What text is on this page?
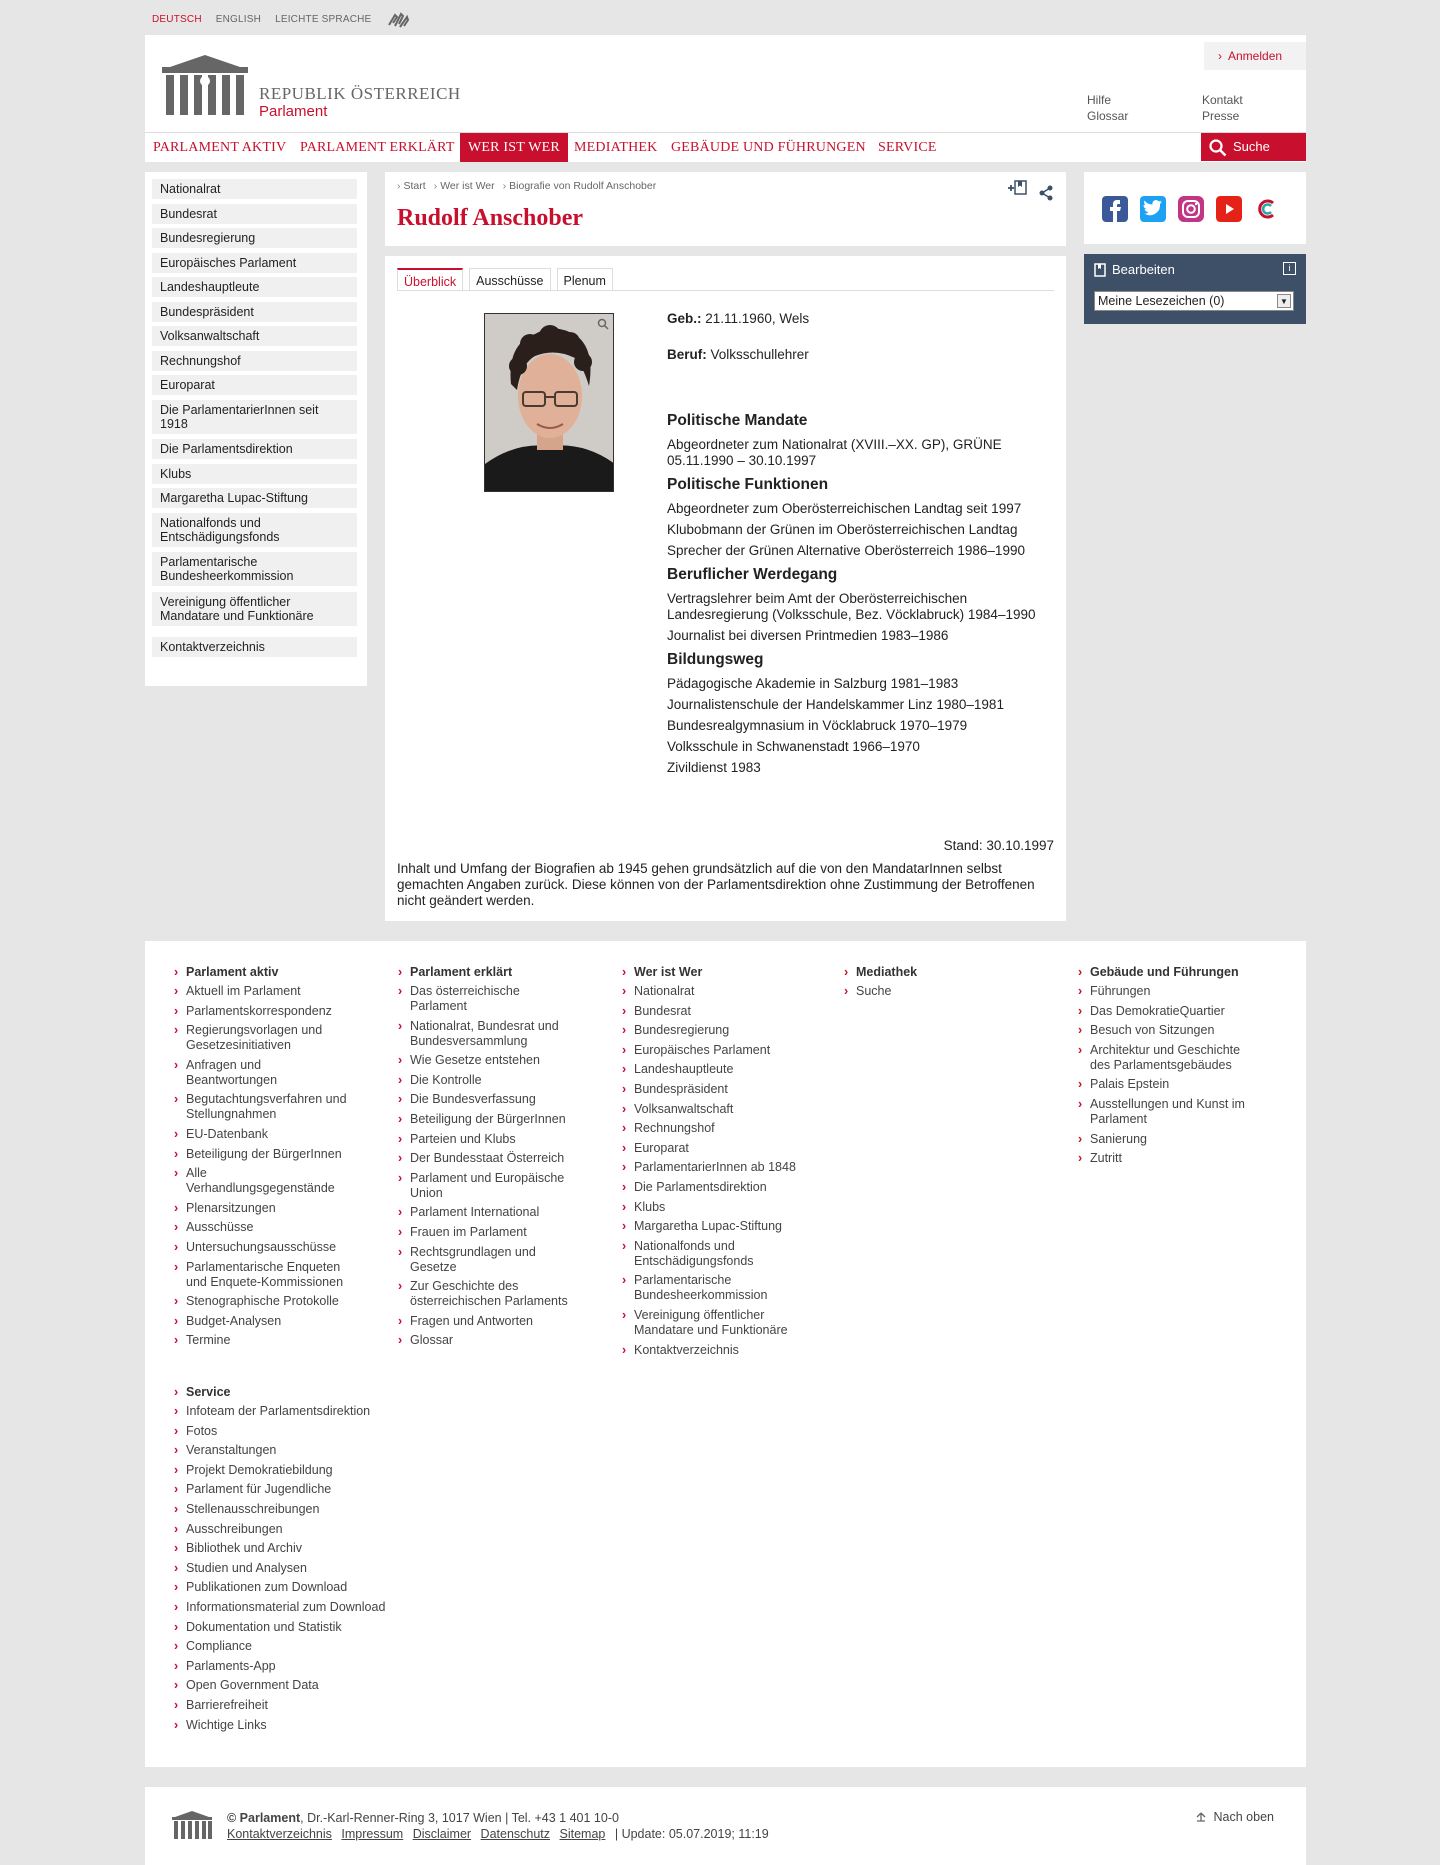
DEUTSCH ENGLISH LEICHTE SPRACHE
REPUBLIK ÖSTERREICH
Parlament
› Anmelden
Hilfe
Glossar
Kontakt
Presse
PARLAMENT AKTIV PARLAMENT ERKLÄRT WER IST WER	MEDIATHEK GEBÄUDE UND FÜHRUNGEN SERVICE	Suche
Nationalrat
Bundesrat
Bundesregierung
Europäisches Parlament
Landeshauptleute
Bundespräsident
Volksanwaltschaft
Rechnungshof
Europarat
Die ParlamentarierInnen seit 1918
Die Parlamentsdirektion
Klubs
Margaretha Lupac-Stiftung
Nationalfonds und Entschädigungsfonds
Parlamentarische Bundesheerkommission
Vereinigung öffentlicher Mandatare und Funktionäre
Kontaktverzeichnis
› Start	› Wer ist Wer	› Biografie von Rudolf Anschober
Rudolf Anschober
Überblick	Ausschüsse	Plenum
Geb.: 21.11.1960, Wels
Beruf: Volksschullehrer
Politische Mandate

Abgeordneter zum Nationalrat (XVIII.–XX. GP), GRÜNE 05.11.1990 – 30.10.1997

Politische Funktionen

Abgeordneter zum Oberösterreichischen Landtag seit 1997

Klubobmann der Grünen im Oberösterreichischen Landtag

Sprecher der Grünen Alternative Oberösterreich 1986–1990

Beruflicher Werdegang

Vertragslehrer beim Amt der Oberösterreichischen Landesregierung (Volksschule, Bez. Vöcklabruck) 1984–1990

Journalist bei diversen Printmedien 1983–1986

Bildungsweg

Pädagogische Akademie in Salzburg 1981–1983

Journalistenschule der Handelskammer Linz 1980–1981

Bundesrealgymnasium in Vöcklabruck 1970–1979

Volksschule in Schwanenstadt 1966–1970

Zivildienst 1983

Stand: 30.10.1997
Inhalt und Umfang der Biografien ab 1945 gehen grundsätzlich auf die von den MandatarInnen selbst gemachten Angaben zurück. Diese können von der Parlamentsdirektion ohne Zustimmung der Betroffenen nicht geändert werden.
Bearbeiten	i
Meine Lesezeichen (0)	▼
› Parlament aktiv
› Aktuell im Parlament
› Parlamentskorrespondenz
› Regierungsvorlagen und Gesetzesinitiativen
› Anfragen und Beantwortungen
› Begutachtungsverfahren und Stellungnahmen
› EU-Datenbank
› Beteiligung der BürgerInnen
› Alle Verhandlungsgegenstände
› Plenarsitzungen
› Ausschüsse
› Untersuchungsausschüsse
› Parlamentarische Enqueten und Enquete-Kommissionen
› Stenographische Protokolle
› Budget-Analysen
› Termine
› Parlament erklärt
› Das österreichische Parlament
› Nationalrat, Bundesrat und Bundesversammlung
› Wie Gesetze entstehen
› Die Kontrolle
› Die Bundesverfassung
› Beteiligung der BürgerInnen
› Parteien und Klubs
› Der Bundesstaat Österreich
› Parlament und Europäische Union
› Parlament International
› Frauen im Parlament
› Rechtsgrundlagen und Gesetze
› Zur Geschichte des österreichischen Parlaments
› Fragen und Antworten
› Glossar
› Wer ist Wer
› Nationalrat
› Bundesrat
› Bundesregierung
› Europäisches Parlament
› Landeshauptleute
› Bundespräsident
› Volksanwaltschaft
› Rechnungshof
› Europarat
› ParlamentarierInnen ab 1848
› Die Parlamentsdirektion
› Klubs
› Margaretha Lupac-Stiftung
› Nationalfonds und Entschädigungsfonds
› Parlamentarische Bundesheerkommission
› Vereinigung öffentlicher Mandatare und Funktionäre
› Kontaktverzeichnis
› Mediathek
› Suche
› Gebäude und Führungen
› Führungen
› Das DemokratieQuartier
› Besuch von Sitzungen
› Architektur und Geschichte des Parlamentsgebäudes
› Palais Epstein
› Ausstellungen und Kunst im Parlament
› Sanierung
› Zutritt
› Service
› Infoteam der Parlamentsdirektion
› Fotos
› Veranstaltungen
› Projekt Demokratiebildung
› Parlament für Jugendliche
› Stellenausschreibungen
› Ausschreibungen
› Bibliothek und Archiv
› Studien und Analysen
› Publikationen zum Download
› Informationsmaterial zum Download
› Dokumentation und Statistik
› Compliance
› Parlaments-App
› Open Government Data
› Barrierefreiheit
› Wichtige Links
© Parlament, Dr.-Karl-Renner-Ring 3, 1017 Wien | Tel. +43 1 401 10-0
Kontaktverzeichnis Impressum Disclaimer Datenschutz Sitemap | Update: 05.07.2019; 11:19
Nach oben
